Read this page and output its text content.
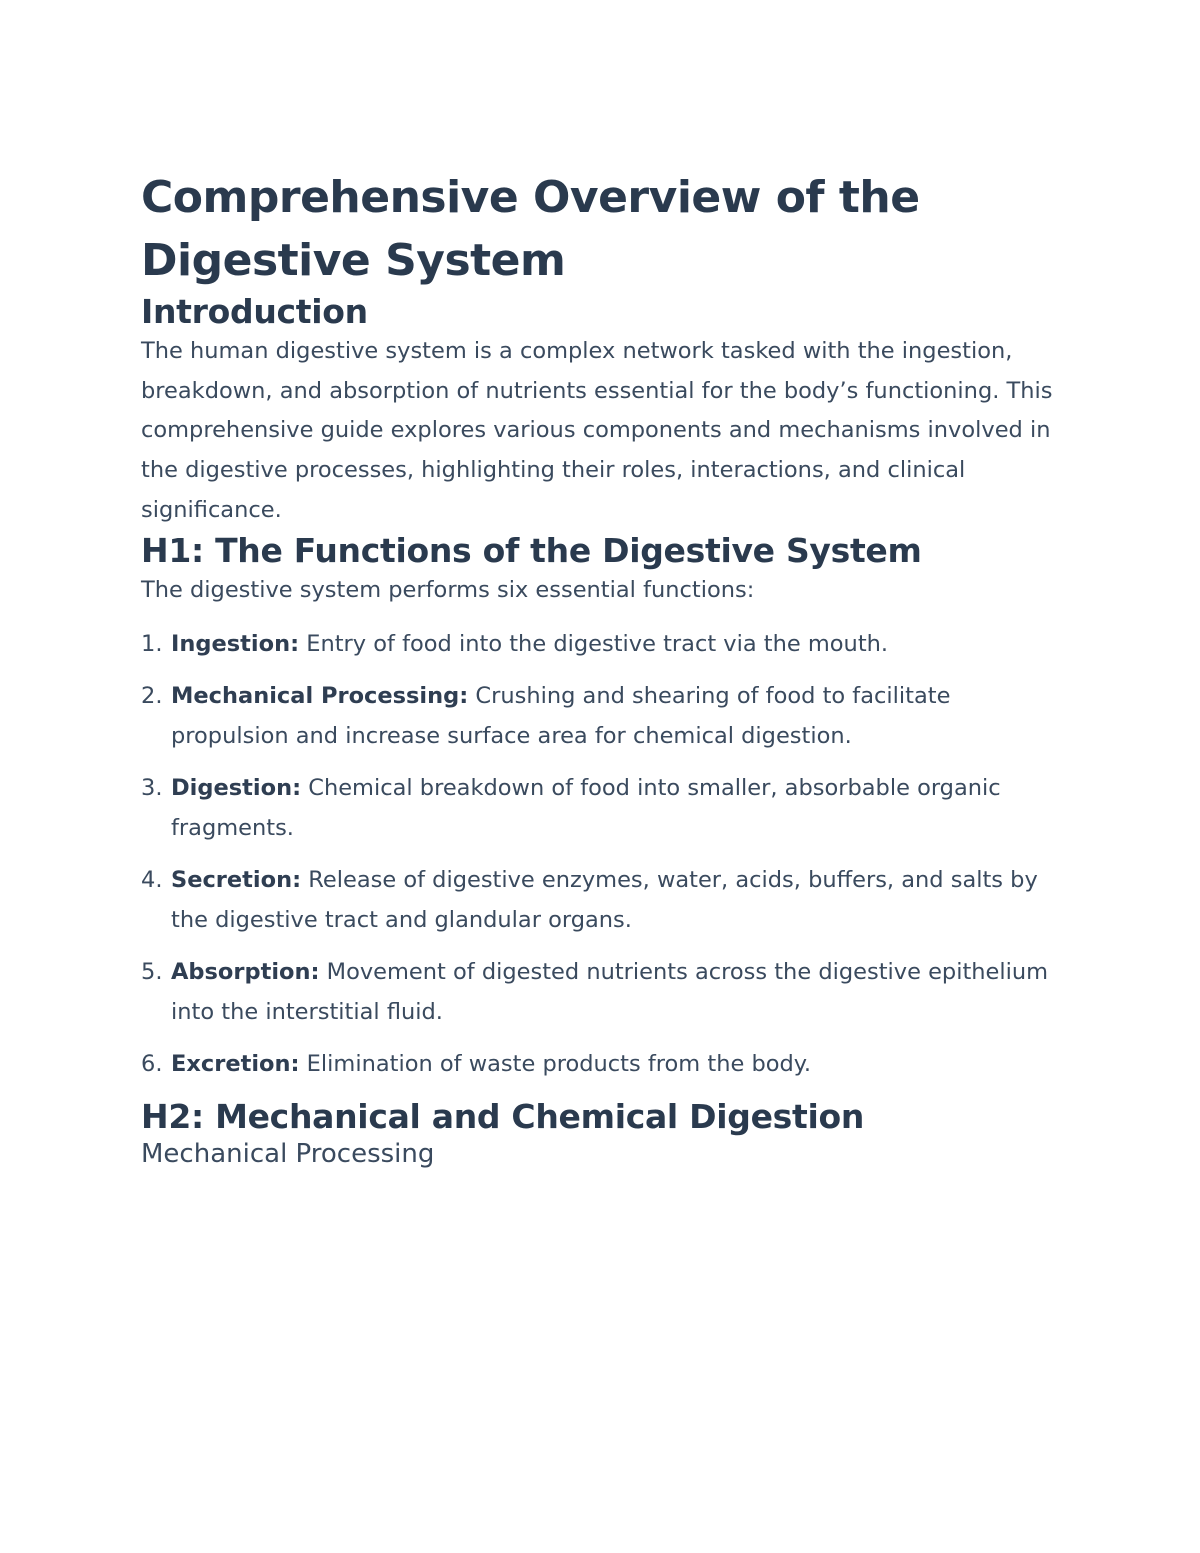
Comprehensive Overview of the Digestive System
Introduction

The human digestive system is a complex network tasked with the ingestion, breakdown, and absorption of nutrients essential for the body’s functioning. This comprehensive guide explores various components and mechanisms involved in the digestive processes, highlighting their roles, interactions, and clinical significance.

H1: The Functions of the Digestive System

The digestive system performs six essential functions:

1. Ingestion: Entry of food into the digestive tract via the mouth.
2. Mechanical Processing: Crushing and shearing of food to facilitate propulsion and increase surface area for chemical digestion.
3. Digestion: Chemical breakdown of food into smaller, absorbable organic fragments.
4. Secretion: Release of digestive enzymes, water, acids, buffers, and salts by the digestive tract and glandular organs.
5. Absorption: Movement of digested nutrients across the digestive epithelium into the interstitial fluid.
6. Excretion: Elimination of waste products from the body.
H2: Mechanical and Chemical Digestion
Mechanical Processing
